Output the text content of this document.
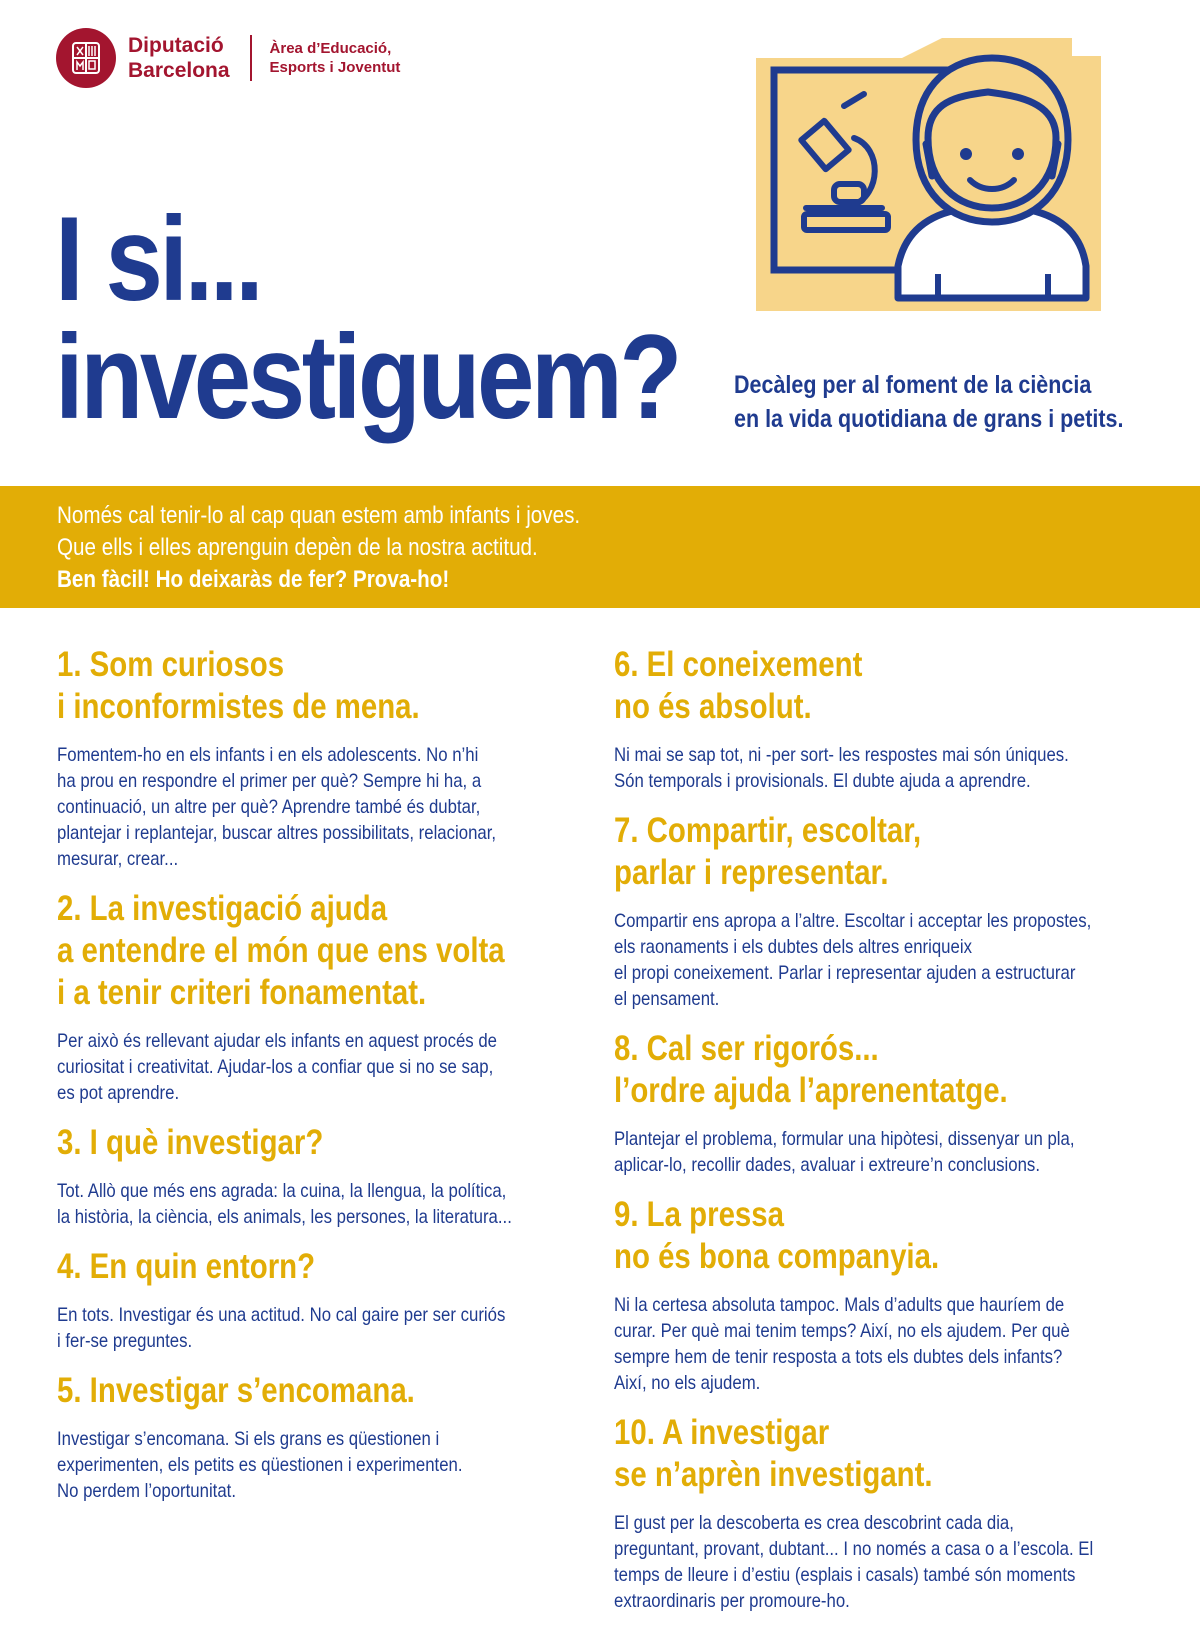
Diputació
Barcelona
Àrea d’Educació,
Esports i Joventut
I si...
investiguem? Decàleg per al foment de la ciència
en la vida quotidiana de grans i petits.

Només cal tenir-lo al cap quan estem amb infants i joves.

Que ells i elles aprenguin depèn de la nostra actitud.

Ben fàcil! Ho deixaràs de fer? Prova-ho!

1. Som curiosos
i inconformistes de mena.

Fomentem-ho en els infants i en els adolescents. No n’hi
ha prou en respondre el primer per què? Sempre hi ha, a
continuació, un altre per què? Aprendre també és dubtar,
plantejar i replantejar, buscar altres possibilitats, relacionar,
mesurar, crear...

2. La investigació ajuda
a entendre el món que ens volta
i a tenir criteri fonamentat.

Per això és rellevant ajudar els infants en aquest procés de
curiositat i creativitat. Ajudar-los a confiar que si no se sap,
es pot aprendre.

3. I què investigar?

Tot. Allò que més ens agrada: la cuina, la llengua, la política,
la història, la ciència, els animals, les persones, la literatura...

4. En quin entorn?

En tots. Investigar és una actitud. No cal gaire per ser curiós
i fer-se preguntes.

5. Investigar s’encomana.

Investigar s’encomana. Si els grans es qüestionen i
experimenten, els petits es qüestionen i experimenten.
No perdem l’oportunitat.

6. El coneixement
no és absolut.

Ni mai se sap tot, ni -per sort- les respostes mai són úniques.
Són temporals i provisionals. El dubte ajuda a aprendre.

7. Compartir, escoltar,
parlar i representar.

Compartir ens apropa a l’altre. Escoltar i acceptar les propostes,
els raonaments i els dubtes dels altres enriqueix
el propi coneixement. Parlar i representar ajuden a estructurar
el pensament.

8. Cal ser rigorós...
l’ordre ajuda l’aprenentatge.

Plantejar el problema, formular una hipòtesi, dissenyar un pla,
aplicar-lo, recollir dades, avaluar i extreure’n conclusions.

9. La pressa
no és bona companyia.

Ni la certesa absoluta tampoc. Mals d’adults que hauríem de
curar. Per què mai tenim temps? Així, no els ajudem. Per què
sempre hem de tenir resposta a tots els dubtes dels infants?
Així, no els ajudem.

10. A investigar
se n’aprèn investigant.

El gust per la descoberta es crea descobrint cada dia,
preguntant, provant, dubtant... I no només a casa o a l’escola. El
temps de lleure i d’estiu (esplais i casals) també són moments
extraordinaris per promoure-ho.
